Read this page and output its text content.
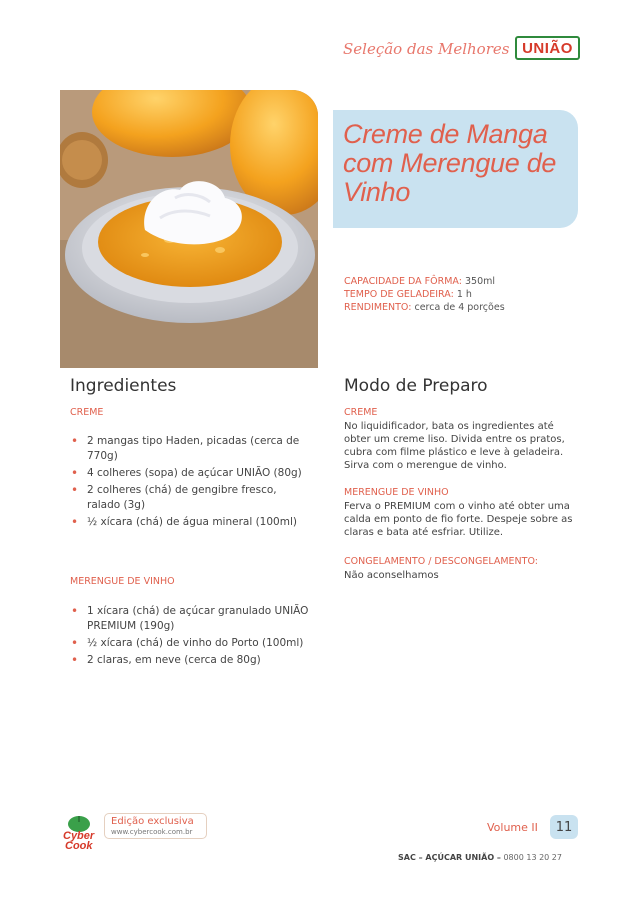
Seleção das Melhores UNIÃO
Creme de Manga
com Merengue de
Vinho
CAPACIDADE DA FÔRMA: 350ml
TEMPO DE GELADEIRA: 1 h
RENDIMENTO: cerca de 4 porções
Ingredientes
CREME
• 2 mangas tipo Haden, picadas (cerca de 770g)
• 4 colheres (sopa) de açúcar UNIÃO (80g)
• 2 colheres (chá) de gengibre fresco, ralado (3g)
• ½ xícara (chá) de água mineral (100ml)
MERENGUE DE VINHO
• 1 xícara (chá) de açúcar granulado UNIÃO PREMIUM (190g)
• ½ xícara (chá) de vinho do Porto (100ml)
• 2 claras, em neve (cerca de 80g)
Modo de Preparo
CREME
No liquidificador, bata os ingredientes até obter um creme liso. Divida entre os pratos, cubra com filme plástico e leve à geladeira. Sirva com o merengue de vinho.
MERENGUE DE VINHO
Ferva o PREMIUM com o vinho até obter uma calda em ponto de fio forte. Despeje sobre as claras e bata até esfriar. Utilize.
CONGELAMENTO / DESCONGELAMENTO:
Não aconselhamos
Cyber
Cook
Edição exclusiva
www.cybercook.com.br	Volume II	11
SAC – AÇÚCAR UNIÃO – 0800 13 20 27
